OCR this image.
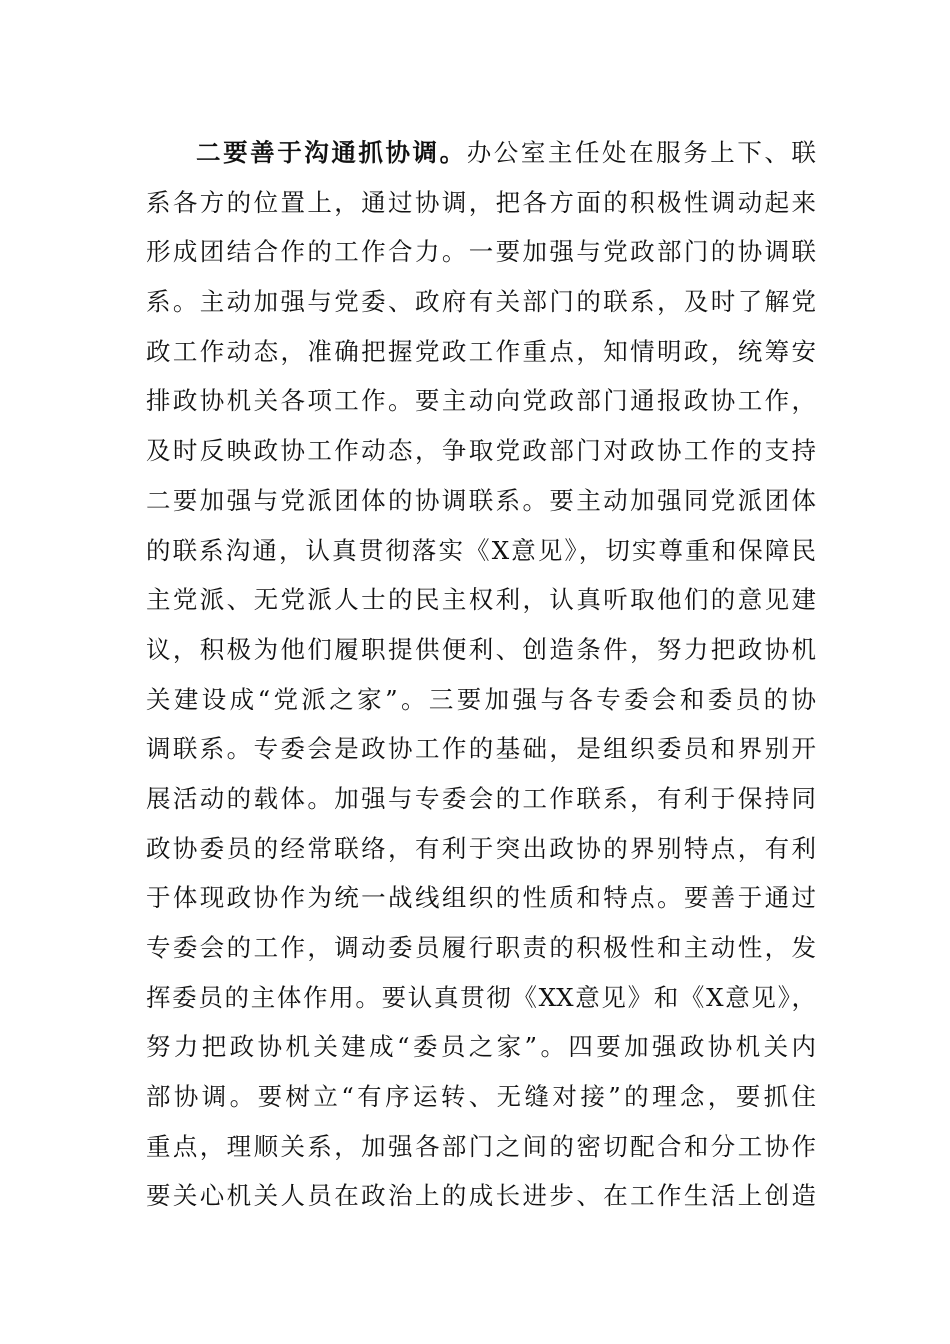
二要善于沟通抓协调。办公室主任处在服务上下、联
系各方的位置上，通过协调，把各方面的积极性调动起来
形成团结合作的工作合力。一要加强与党政部门的协调联
系。主动加强与党委、政府有关部门的联系，及时了解党
政工作动态，准确把握党政工作重点，知情明政，统筹安
排政协机关各项工作。要主动向党政部门通报政协工作，
及时反映政协工作动态，争取党政部门对政协工作的支持
二要加强与党派团体的协调联系。要主动加强同党派团体
的联系沟通，认真贯彻落实《X意见》，切实尊重和保障民
主党派、无党派人士的民主权利，认真听取他们的意见建
议，积极为他们履职提供便利、创造条件，努力把政协机
关建设成“党派之家”。三要加强与各专委会和委员的协
调联系。专委会是政协工作的基础，是组织委员和界别开
展活动的载体。加强与专委会的工作联系，有利于保持同
政协委员的经常联络，有利于突出政协的界别特点，有利
于体现政协作为统一战线组织的性质和特点。要善于通过
专委会的工作，调动委员履行职责的积极性和主动性，发
挥委员的主体作用。要认真贯彻《XX意见》和《X意见》，
努力把政协机关建成“委员之家”。四要加强政协机关内
部协调。要树立“有序运转、无缝对接”的理念，要抓住
重点，理顺关系，加强各部门之间的密切配合和分工协作
要关心机关人员在政治上的成长进步、在工作生活上创造
